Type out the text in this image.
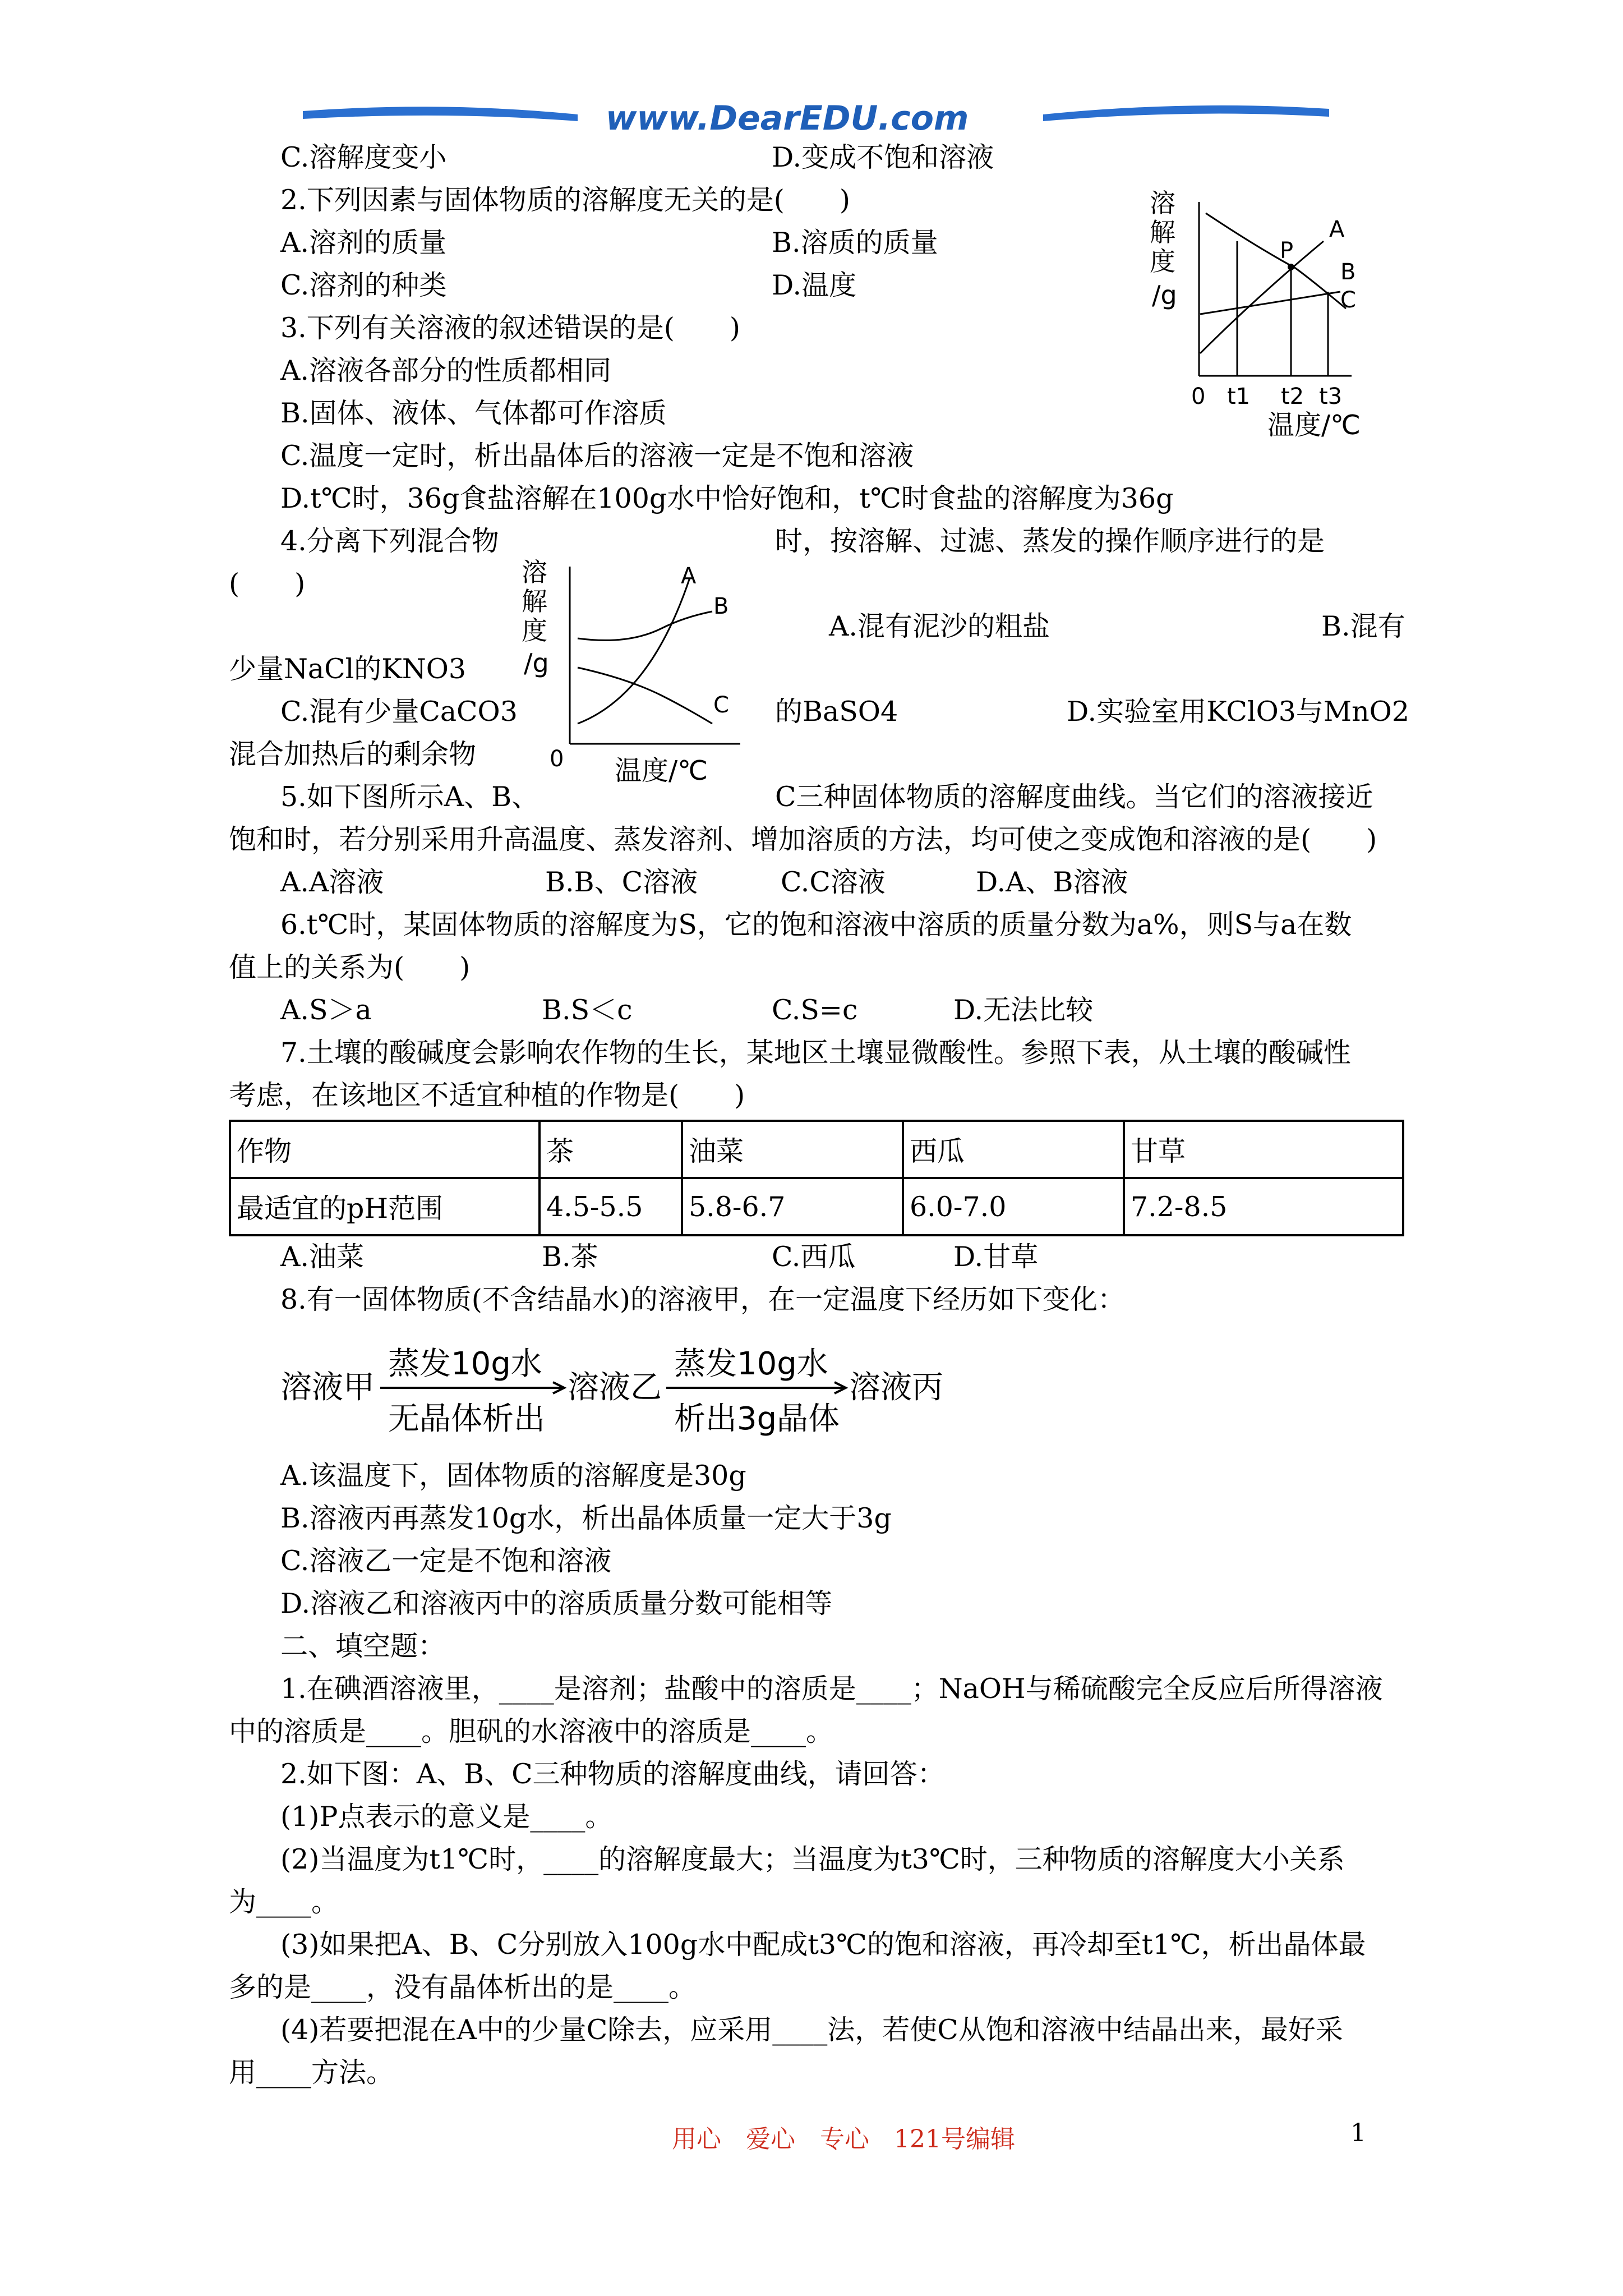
www.DearEDU.com
C.溶解度变小	D.变成不饱和溶液
2.下列因素与固体物质的溶解度无关的是(　　)
A.溶剂的质量	B.溶质的质量
C.溶剂的种类	D.温度
3.下列有关溶液的叙述错误的是(　　)
A.溶液各部分的性质都相同
B.固体、液体、气体都可作溶质
C.温度一定时，析出晶体后的溶液一定是不饱和溶液
D.t℃时，36g食盐溶解在100g水中恰好饱和，t℃时食盐的溶解度为36g
4.分离下列混合物	时，按溶解、过滤、蒸发的操作顺序进行的是
(　　)
A.混有泥沙的粗盐	B.混有
少量NaCl的KNO3
C.混有少量CaCO3	的BaSO4	D.实验室用KClO3与MnO2
混合加热后的剩余物
5.如下图所示A、B、	C三种固体物质的溶解度曲线。当它们的溶液接近
饱和时，若分别采用升高温度、蒸发溶剂、增加溶质的方法，均可使之变成饱和溶液的是(　　)
A.A溶液	B.B、C溶液	C.C溶液	D.A、B溶液
6.t℃时，某固体物质的溶解度为S，它的饱和溶液中溶质的质量分数为a%，则S与a在数
值上的关系为(　　)
A.S＞a	B.S＜c	C.S=c	D.无法比较
7.土壤的酸碱度会影响农作物的生长，某地区土壤显微酸性。参照下表，从土壤的酸碱性
考虑，在该地区不适宜种植的作物是(　　)
A.油菜	B.茶	C.西瓜	D.甘草
8.有一固体物质(不含结晶水)的溶液甲，在一定温度下经历如下变化：
A.该温度下，固体物质的溶解度是30g
B.溶液丙再蒸发10g水，析出晶体质量一定大于3g
C.溶液乙一定是不饱和溶液
D.溶液乙和溶液丙中的溶质质量分数可能相等
二、填空题：
1.在碘酒溶液里，____是溶剂；盐酸中的溶质是____；NaOH与稀硫酸完全反应后所得溶液
中的溶质是____。胆矾的水溶液中的溶质是____。
2.如下图：A、B、C三种物质的溶解度曲线，请回答：
(1)P点表示的意义是____。
(2)当温度为t1℃时，____的溶解度最大；当温度为t3℃时，三种物质的溶解度大小关系
为____。
(3)如果把A、B、C分别放入100g水中配成t3℃的饱和溶液，再冷却至t1℃，析出晶体最
多的是____，没有晶体析出的是____。
(4)若要把混在A中的少量C除去，应采用____法，若使C从饱和溶液中结晶出来，最好采
用____方法。
溶
解
度
/g
P
A
B
C
0 t1 t2 t3
温度/℃
溶
解
度
/g
A
B
C
0 温度/℃
作物	茶	油菜	西瓜	甘草
最适宜的pH范围	4.5-5.5	5.8-6.7	6.0-7.0	7.2-8.5
溶液甲
蒸发10g水
无晶体析出
溶液乙
蒸发10g水
析出3g晶体
溶液丙
用心　爱心　专心　121号编辑	1
